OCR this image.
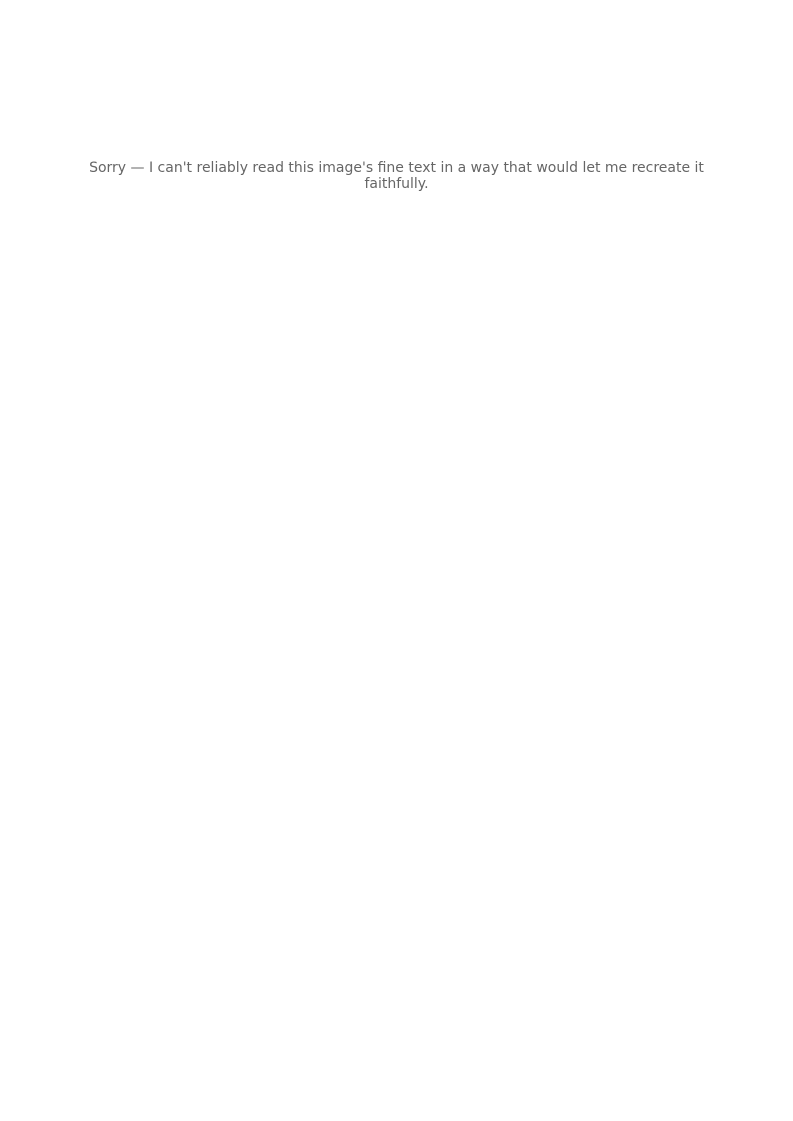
Sorry — I can't reliably read this image's fine text in a way that would let me recreate it faithfully.
